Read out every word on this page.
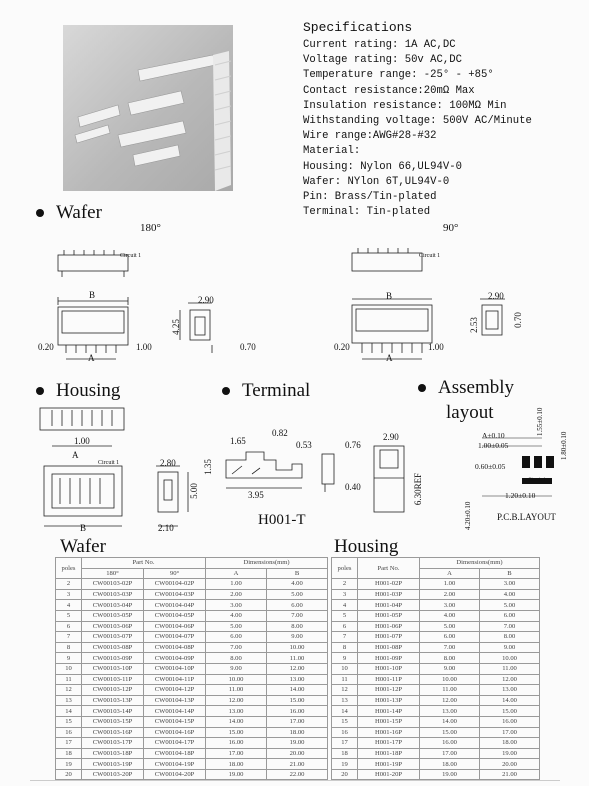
Specifications
Current rating: 1A AC,DC
Voltage rating: 50v AC,DC
Temperature range: -25° - +85°
Contact resistance:20mΩ Max
Insulation resistance: 100MΩ Min
Withstanding voltage: 500V AC/Minute
Wire range:AWG#28-#32
Material:
Housing: Nylon 66,UL94V-0
Wafer: NYlon 6T,UL94V-0
Pin: Brass/Tin-plated
Terminal: Tin-plated
Wafer
180°	90°
Housing	Terminal	Assembly
layout
Circuit 1
B	2.90
4.25
0.20	1.00	0.70
A
Circuit 1
B	2.90
2.53	0.70
0.20	1.00
A
1.00
A
Circuit 1	2.80
5.00
B	2.10
1.65
0.82
0.53	0.76
1.35
3.95
0.40
H001-T
2.90
6.30REF
A±0.10
1.00±0.05
0.60±0.05
1.55±0.10
1.80±0.10
Circuit 1
1.20±0.10
4.20±0.10	P.C.B.LAYOUT
Wafer	Housing
poles	Part No.		Dimensions(mm)	
	180°	90°	A	B
2	CW00103-02P	CW00104-02P	1.00	4.00
3	CW00103-03P	CW00104-03P	2.00	5.00
4	CW00103-04P	CW00104-04P	3.00	6.00
5	CW00103-05P	CW00104-05P	4.00	7.00
6	CW00103-06P	CW00104-06P	5.00	8.00
7	CW00103-07P	CW00104-07P	6.00	9.00
8	CW00103-08P	CW00104-08P	7.00	10.00
9	CW00103-09P	CW00104-09P	8.00	11.00
10	CW00103-10P	CW00104-10P	9.00	12.00
11	CW00103-11P	CW00104-11P	10.00	13.00
12	CW00103-12P	CW00104-12P	11.00	14.00
13	CW00103-13P	CW00104-13P	12.00	15.00
14	CW00103-14P	CW00104-14P	13.00	16.00
15	CW00103-15P	CW00104-15P	14.00	17.00
16	CW00103-16P	CW00104-16P	15.00	18.00
17	CW00103-17P	CW00104-17P	16.00	19.00
18	CW00103-18P	CW00104-18P	17.00	20.00
19	CW00103-19P	CW00104-19P	18.00	21.00
20	CW00103-20P	CW00104-20P	19.00	22.00
poles	Part No.	Dimensions(mm)	
		A	B
2	H001-02P	1.00	3.00
3	H001-03P	2.00	4.00
4	H001-04P	3.00	5.00
5	H001-05P	4.00	6.00
6	H001-06P	5.00	7.00
7	H001-07P	6.00	8.00
8	H001-08P	7.00	9.00
9	H001-09P	8.00	10.00
10	H001-10P	9.00	11.00
11	H001-11P	10.00	12.00
12	H001-12P	11.00	13.00
13	H001-13P	12.00	14.00
14	H001-14P	13.00	15.00
15	H001-15P	14.00	16.00
16	H001-16P	15.00	17.00
17	H001-17P	16.00	18.00
18	H001-18P	17.00	19.00
19	H001-19P	18.00	20.00
20	H001-20P	19.00	21.00
